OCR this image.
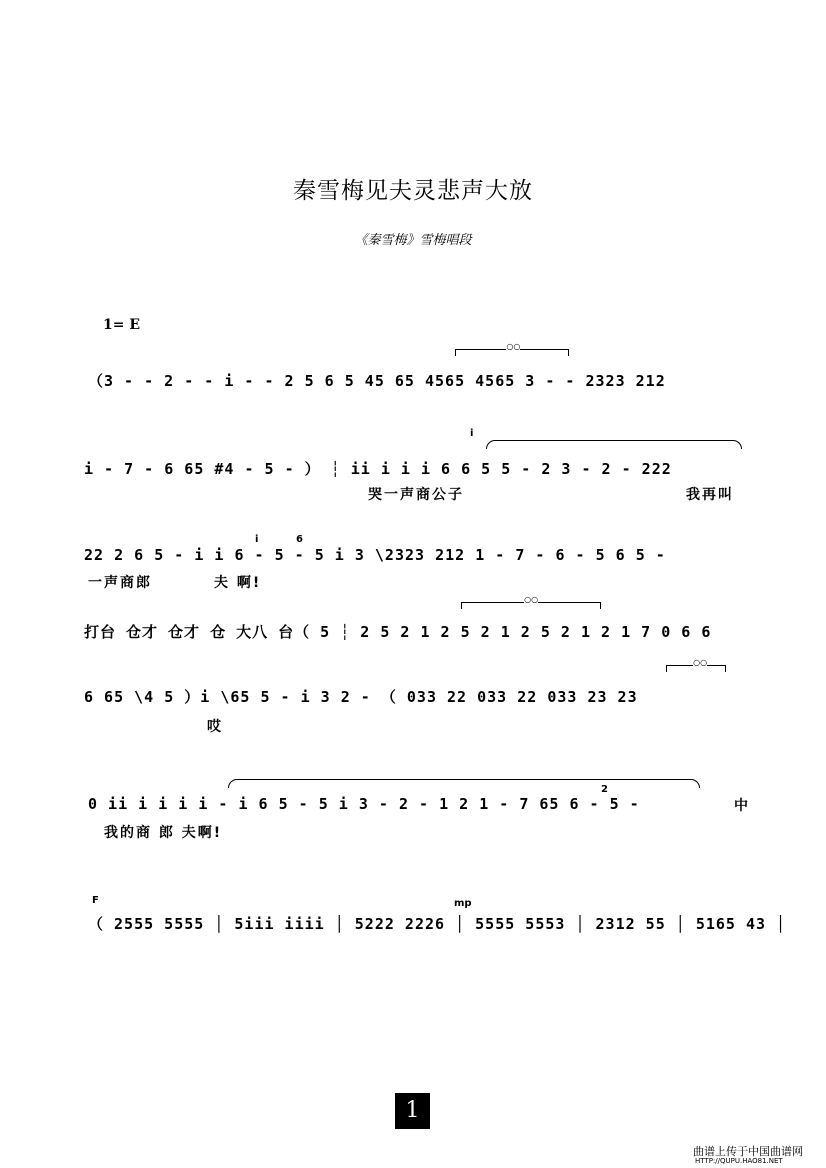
秦雪梅见夫灵悲声大放
《秦雪梅》雪梅唱段
1= E
○○
（3 - - 2 - - i - - 2 5 6 5 45 65 4565 4565 3 - - 2323 212
i
i - 7 - 6 65 #4 - 5 - ） ┆ ii i i i 6 6 5 5 - 2 3 - 2 - 222
哭一声商公子	我再叫
i	6
22 2 6 5 - i i 6 - 5 - 5 i 3 \2323 212 1 - 7 - 6 - 5 6 5 -
一声商郎	夫 啊!
○○
打台 仓才 仓才 仓 大八 台（ 5 ┆ 2 5 2 1 2 5 2 1 2 5 2 1 2 1 7 0 6 6
○○
6 65 \4 5 ）i \65 5 - i 3 2 - （ 033 22 033 22 033 23 23
哎
2
0 ii i i i i - i 6 5 - 5 i 3 - 2 - 1 2 1 - 7 65 6 - 5 -	中
我的商 郎 夫啊!
F	mp
（ 2555 5555 │ 5iii iiii │ 5222 2226 │ 5555 5553 │ 2312 55 │ 5165 43 │
1
曲谱上传于中国曲谱网
HTTP://QUPU.HAO81.NET
